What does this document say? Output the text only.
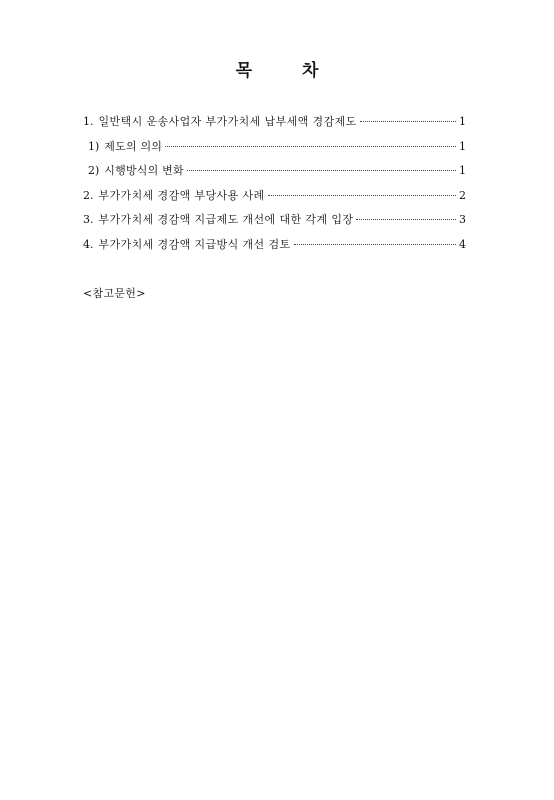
목 차
1. 일반택시 운송사업자 부가가치세 납부세액 경감제도	1
1) 제도의 의의	1
2) 시행방식의 변화	1
2. 부가가치세 경감액 부당사용 사례	2
3. 부가가치세 경감액 지급제도 개선에 대한 각계 입장	3
4. 부가가치세 경감액 지급방식 개선 검토	4
<참고문헌>
